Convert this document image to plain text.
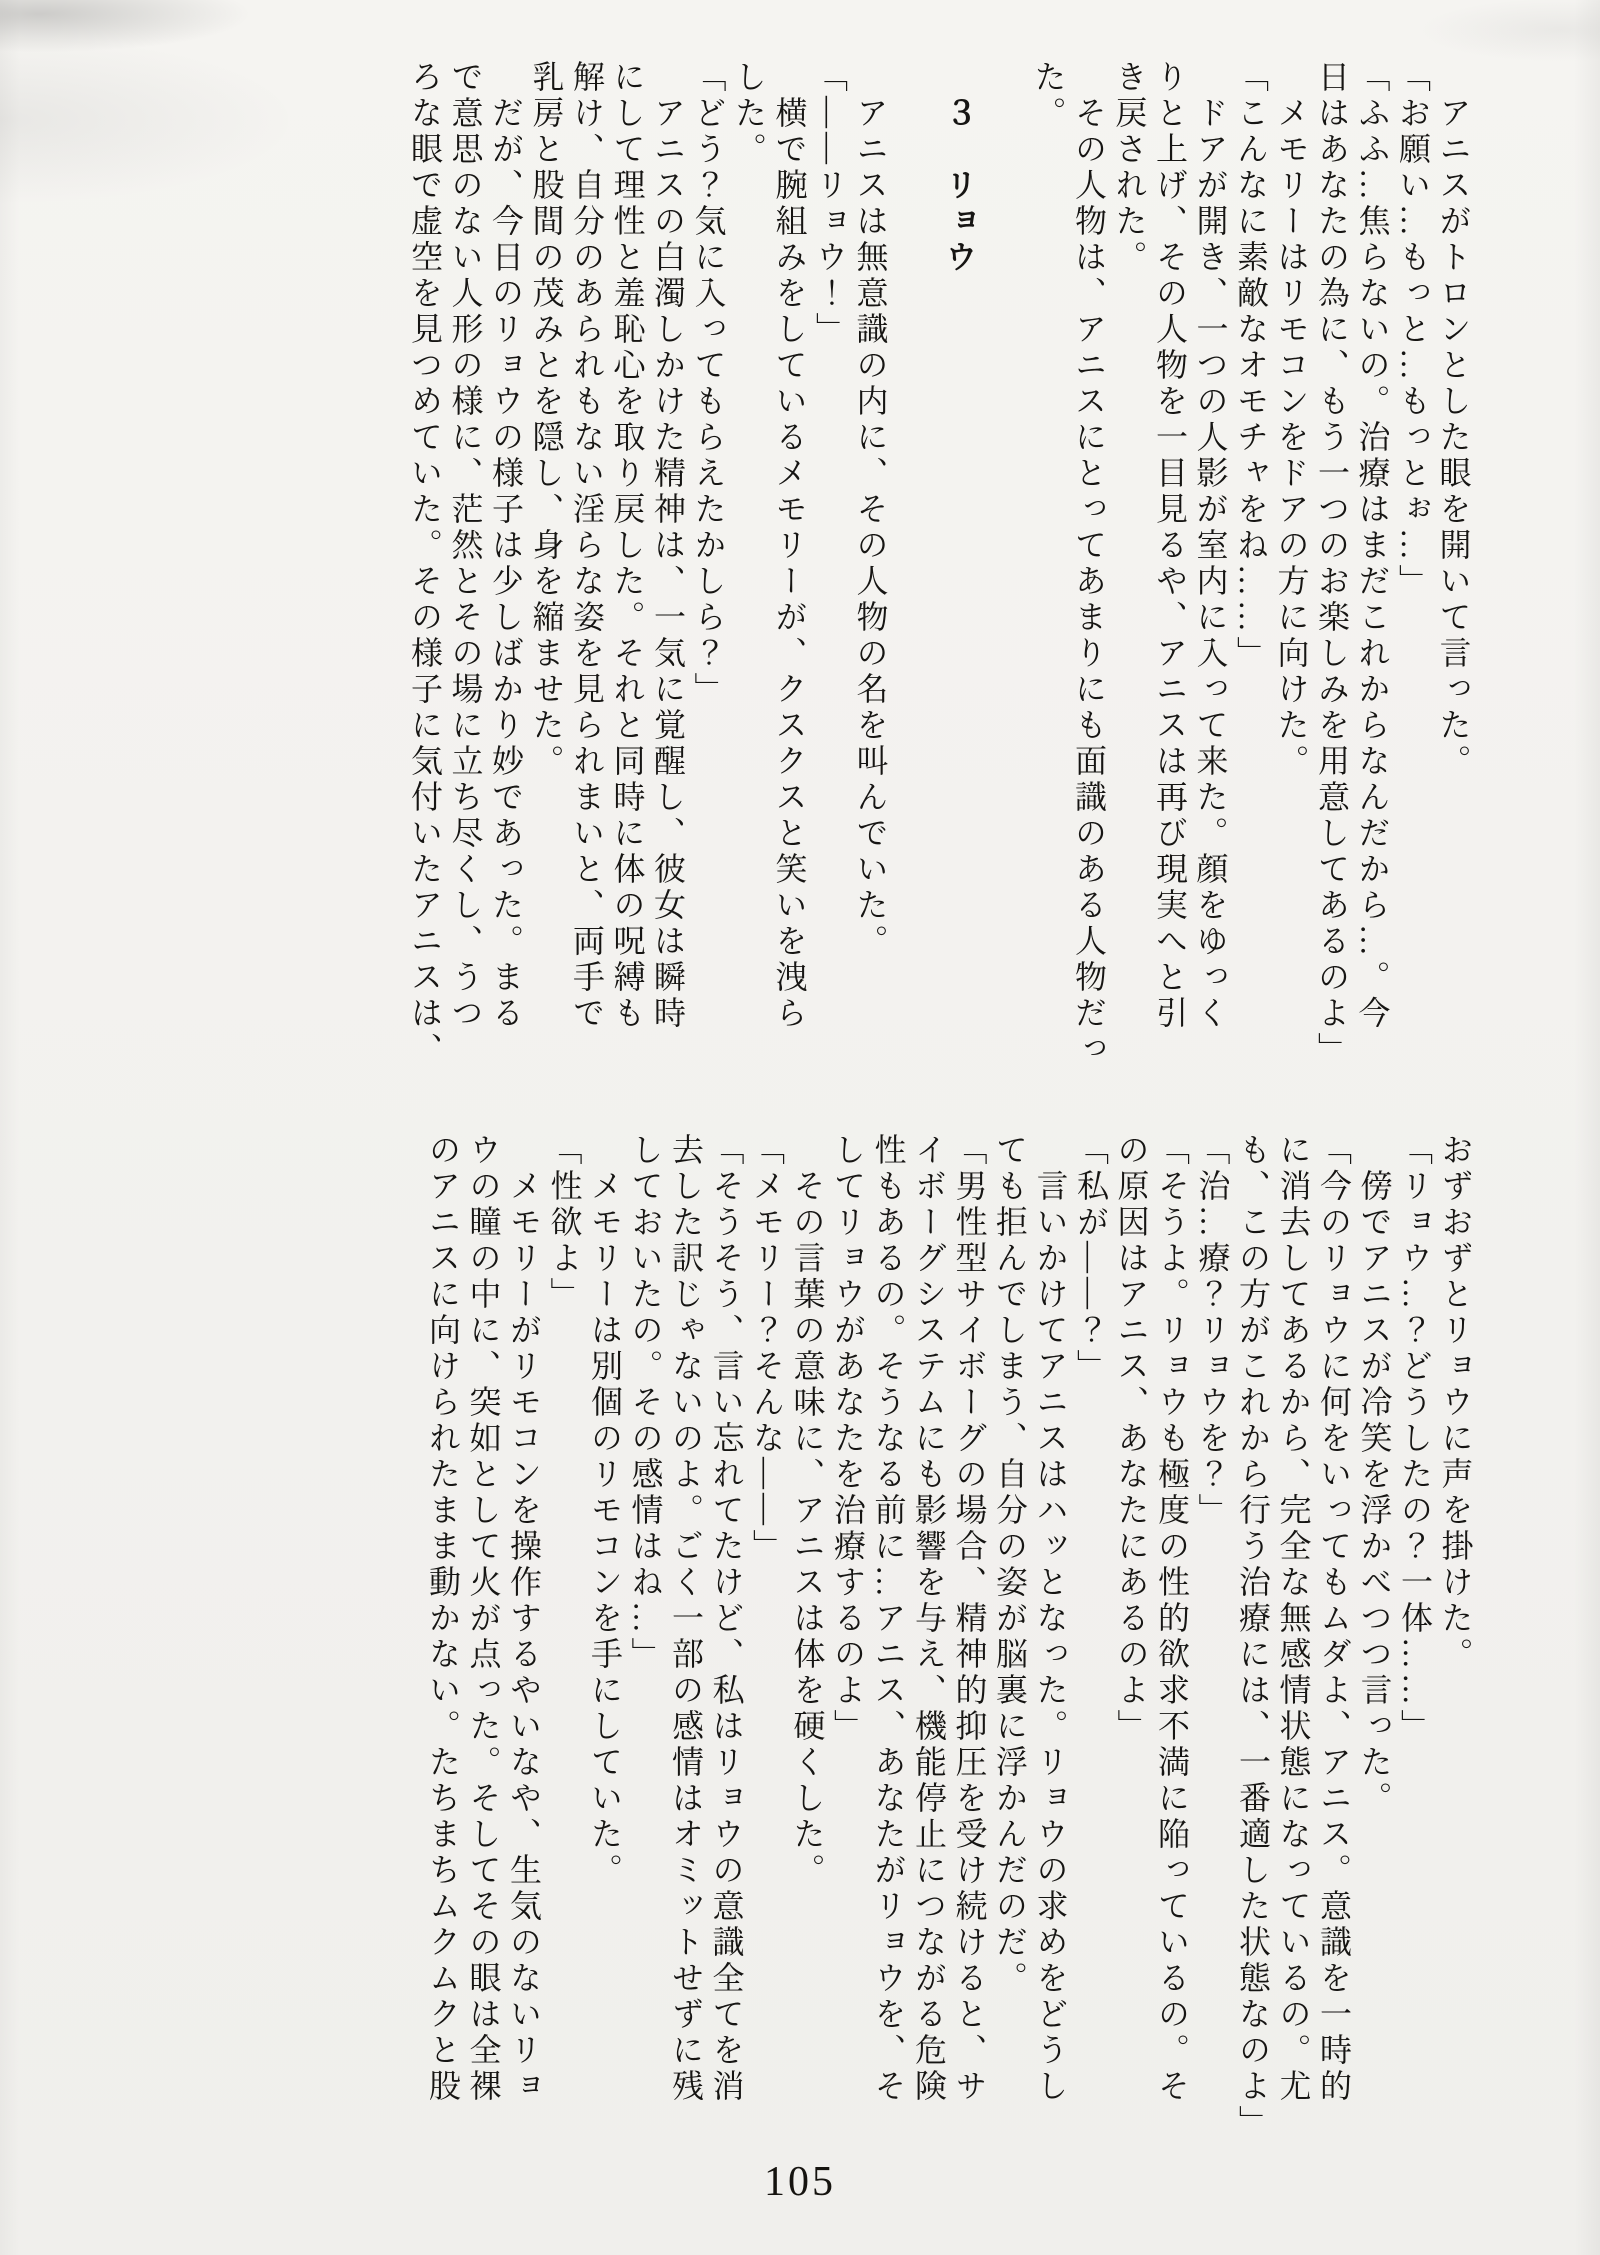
　アニスがトロンとした眼を開いて言った。

「お願い…もっと…もっとぉ…」

「ふふ…焦らないの。治療はまだこれからなんだから…。今

日はあなたの為に、もう一つのお楽しみを用意してあるのよ」

　メモリーはリモコンをドアの方に向けた。

「こんなに素敵なオモチャをね……」

　ドアが開き、一つの人影が室内に入って来た。顔をゆっく

りと上げ、その人物を一目見るや、アニスは再び現実へと引

き戻された。

　その人物は、アニスにとってあまりにも面識のある人物だっ

た。

　３　リョウ

　アニスは無意識の内に、その人物の名を叫んでいた。

「――リョウ！」

　横で腕組みをしているメモリーが、クスクスと笑いを洩ら

した。

「どう？気に入ってもらえたかしら？」

　アニスの白濁しかけた精神は、一気に覚醒し、彼女は瞬時

にして理性と羞恥心を取り戻した。それと同時に体の呪縛も

解け、自分のあられもない淫らな姿を見られまいと、両手で

乳房と股間の茂みとを隠し、身を縮ませた。

　だが、今日のリョウの様子は少しばかり妙であった。まる

で意思のない人形の様に、茫然とその場に立ち尽くし、うつ

ろな眼で虚空を見つめていた。その様子に気付いたアニスは、

おずおずとリョウに声を掛けた。

「リョウ…？どうしたの？一体……」

　傍でアニスが冷笑を浮かべつつ言った。

「今のリョウに何をいってもムダよ、アニス。意識を一時的

に消去してあるから、完全な無感情状態になっているの。尤

も、この方がこれから行う治療には、一番適した状態なのよ」

「治…療？リョウを？」

「そうよ。リョウも極度の性的欲求不満に陥っているの。そ

の原因はアニス、あなたにあるのよ」

「私が――？」

　言いかけてアニスはハッとなった。リョウの求めをどうし

ても拒んでしまう、自分の姿が脳裏に浮かんだのだ。

「男性型サイボーグの場合、精神的抑圧を受け続けると、サ

イボーグシステムにも影響を与え、機能停止につながる危険

性もあるの。そうなる前に…アニス、あなたがリョウを、そ

してリョウがあなたを治療するのよ」

　その言葉の意味に、アニスは体を硬くした。

「メモリー？そんな――」

「そうそう、言い忘れてたけど、私はリョウの意識全てを消

去した訳じゃないのよ。ごく一部の感情はオミットせずに残

しておいたの。その感情はね…」

　メモリーは別個のリモコンを手にしていた。

「性欲よ」

　メモリーがリモコンを操作するやいなや、生気のないリョ

ウの瞳の中に、突如として火が点った。そしてその眼は全裸

のアニスに向けられたまま動かない。たちまちムクムクと股

105
